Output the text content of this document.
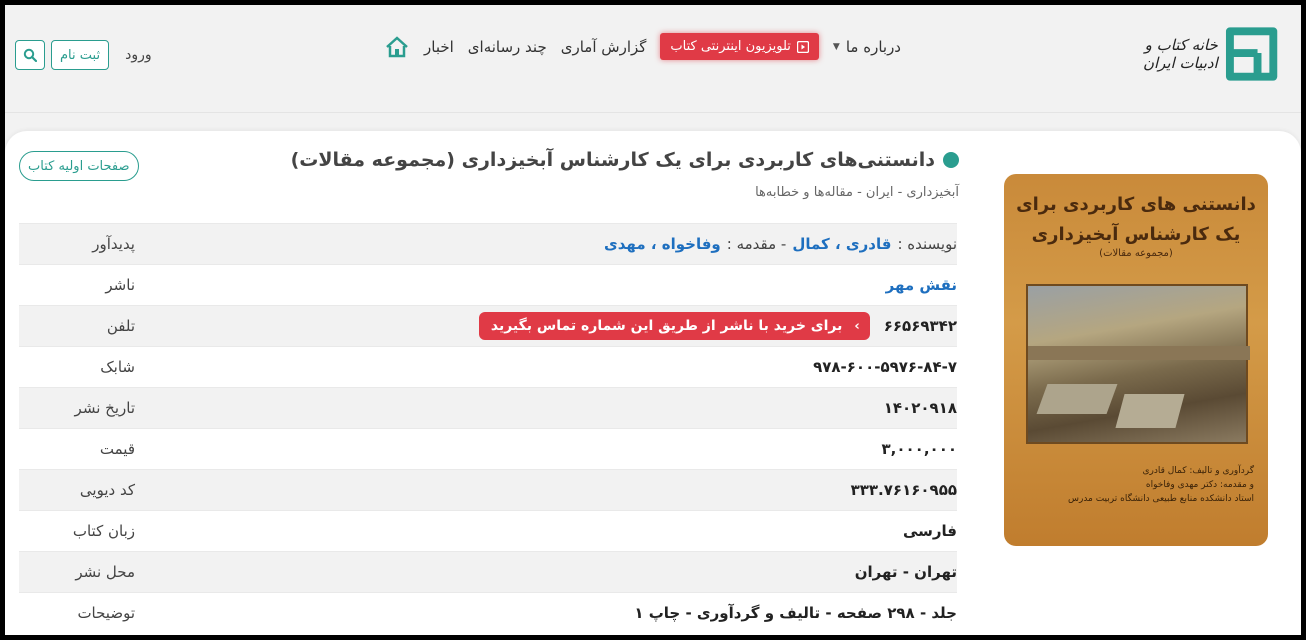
خانه کتاب و ادبیات ایران
اخبار چند رسانه‌ای گزارش آماری تلویزیون اینترنتی کتاب	درباره ما
▼
ثبت نام	ورود
دانستنی های کاربردی برای
یک کارشناس آبخیزداری
(مجموعه مقالات)
گردآوری و تالیف: کمال قادری
و مقدمه: دکتر مهدی وفاخواه
استاد دانشکده منابع طبیعی دانشگاه تربیت مدرس
دانستنی‌های کاربردی برای یک کارشناس آبخیزداری (مجموعه مقالات)
آبخیزداری - ایران - مقاله‌ها و خطابه‌ها
صفحات اولیه کتاب
پدیدآور	نویسنده :
قادری ، کمال
- مقدمه :
وفاخواه ، مهدی
ناشر	نقش مهر
تلفن	۶۶۵۶۹۳۴۲
›
برای خرید با ناشر از طریق این شماره تماس بگیرید
شابک	۹۷۸-۶۰۰-۵۹۷۶-۸۴-۷
تاریخ نشر	۱۴۰۲۰۹۱۸
قیمت	۳,۰۰۰,۰۰۰
کد دیویی	۳۳۳.۷۶۱۶۰۹۵۵
زبان کتاب	فارسی
محل نشر	تهران - تهران
توضیحات	جلد - ۲۹۸ صفحه - تالیف و گردآوری - چاپ ۱
